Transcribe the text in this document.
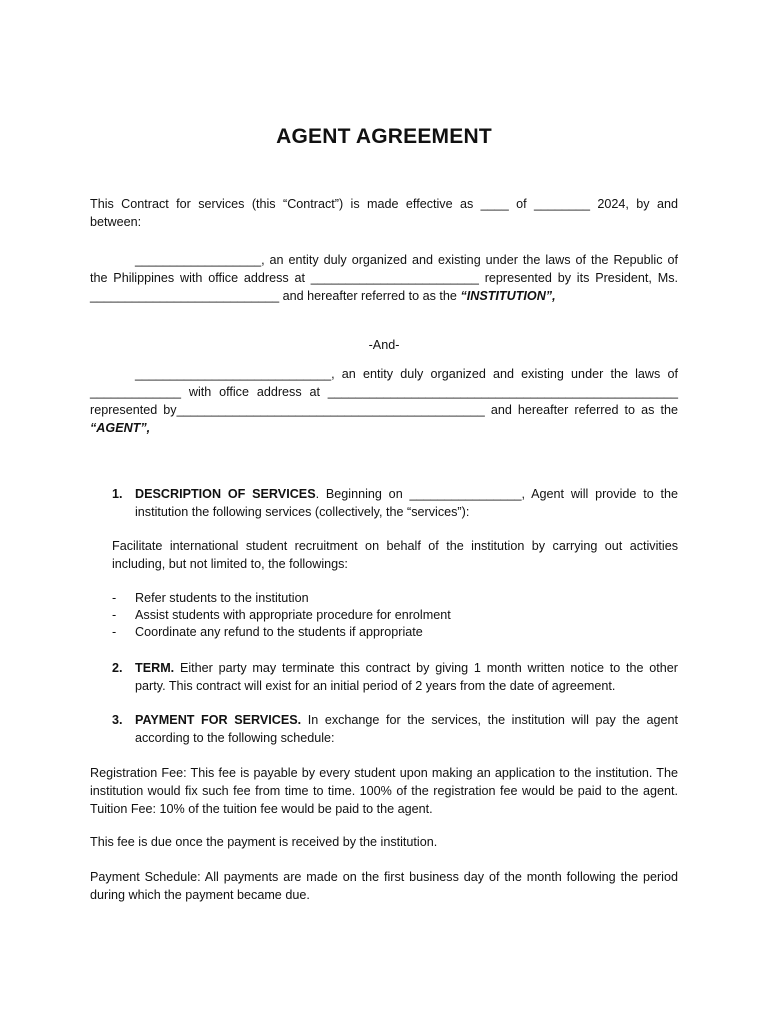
AGENT AGREEMENT
This Contract for services (this “Contract”) is made effective as ____ of ________ 2024, by and
between:
__________________, an entity duly organized and existing under the laws of the Republic of
the Philippines with office address at ________________________ represented by its President, Ms.
___________________________ and hereafter referred to as the “INSTITUTION”,
-And-
____________________________, an entity duly organized and existing under the laws of
_____________ with office address at __________________________________________________
represented by____________________________________________ and hereafter referred to as the
“AGENT”,
1. DESCRIPTION OF SERVICES. Beginning on ________________, Agent will provide to the
institution the following services (collectively, the “services”):
Facilitate international student recruitment on behalf of the institution by carrying out activities
including, but not limited to, the followings:
- Refer students to the institution
- Assist students with appropriate procedure for enrolment
- Coordinate any refund to the students if appropriate
2. TERM. Either party may terminate this contract by giving 1 month written notice to the other
party. This contract will exist for an initial period of 2 years from the date of agreement.
3. PAYMENT FOR SERVICES. In exchange for the services, the institution will pay the agent
according to the following schedule:
Registration Fee: This fee is payable by every student upon making an application to the institution. The
institution would fix such fee from time to time. 100% of the registration fee would be paid to the agent.
Tuition Fee: 10% of the tuition fee would be paid to the agent.
This fee is due once the payment is received by the institution.
Payment Schedule: All payments are made on the first business day of the month following the period
during which the payment became due.
